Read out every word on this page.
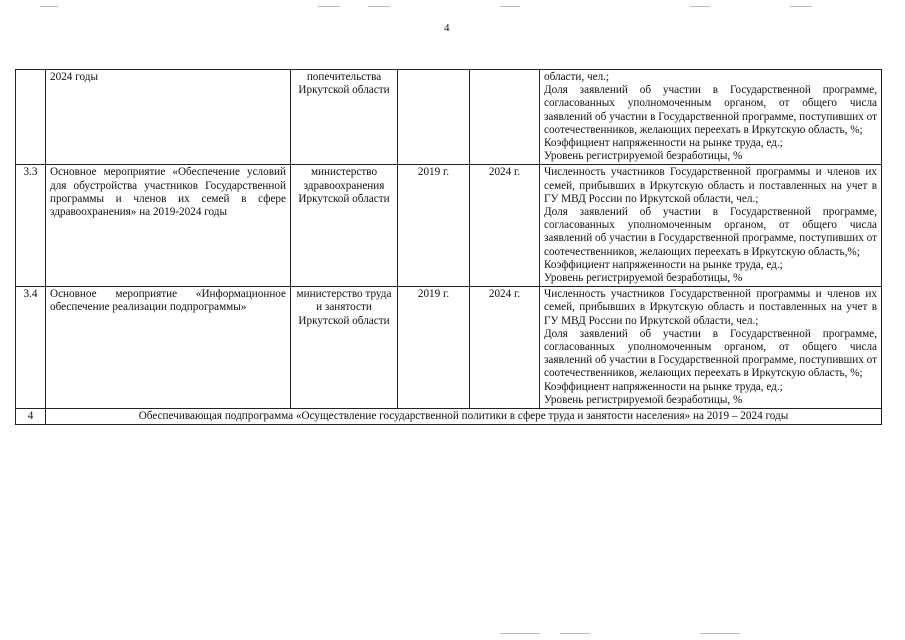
4
	2024 годы	попечительства Иркутской области			области, чел.;
Доля заявлений об участии в Государственной программе, согласованных уполномоченным органом, от общего числа заявлений об участии в Государственной программе, поступивших от соотечественников, желающих переехать в Иркутскую область, %;
Коэффициент напряженности на рынке труда, ед.;
Уровень регистрируемой безработицы, %

3.3	Основное мероприятие «Обеспечение условий для обустройства участников Государственной программы и членов их семей в сфере здравоохранения» на 2019-2024 годы	министерство здравоохранения Иркутской области	2019 г.	2024 г.	Численность участников Государственной программы и членов их семей, прибывших в Иркутскую область и поставленных на учет в ГУ МВД России по Иркутской области, чел.;
Доля заявлений об участии в Государственной программе, согласованных уполномоченным органом, от общего числа заявлений об участии в Государственной программе, поступивших от соотечественников, желающих переехать в Иркутскую область,%;
Коэффициент напряженности на рынке труда, ед.;
Уровень регистрируемой безработицы, %

3.4	Основное мероприятие «Информационное обеспечение реализации подпрограммы»	министерство труда и занятости Иркутской области	2019 г.	2024 г.	Численность участников Государственной программы и членов их семей, прибывших в Иркутскую область и поставленных на учет в ГУ МВД России по Иркутской области, чел.;
Доля заявлений об участии в Государственной программе, согласованных уполномоченным органом, от общего числа заявлений об участии в Государственной программе, поступивших от соотечественников, желающих переехать в Иркутскую область, %;
Коэффициент напряженности на рынке труда, ед.;
Уровень регистрируемой безработицы, %

4	Обеспечивающая подпрограмма «Осуществление государственной политики в сфере труда и занятости населения» на 2019 – 2024 годы				
